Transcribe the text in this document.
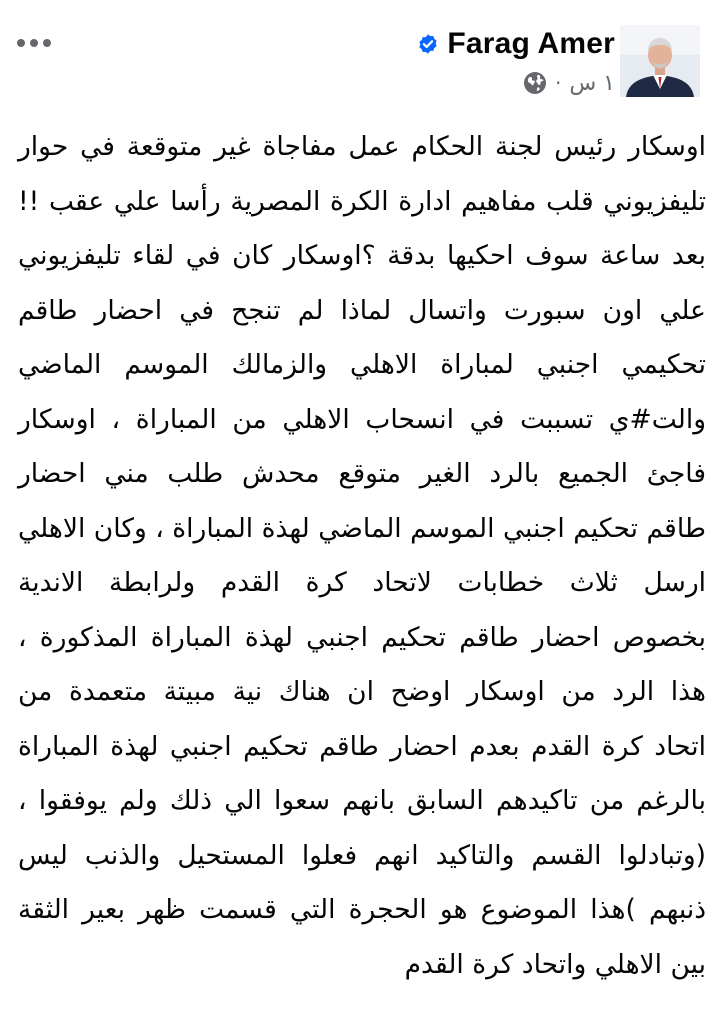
Farag Amer
· ١ س
اوسكار رئيس لجنة الحكام عمل مفاجاة غير متوقعة في حوار
تليفزيوني قلب مفاهيم ادارة الكرة المصرية رأسا علي عقب !!
بعد ساعة سوف احكيها بدقة ؟اوسكار كان في لقاء تليفزيوني
علي اون سبورت واتسال لماذا لم تنجح في احضار طاقم
تحكيمي اجنبي لمباراة الاهلي والزمالك الموسم الماضي
والت#ي تسببت في انسحاب الاهلي من المباراة ، اوسكار
فاجئ الجميع بالرد الغير متوقع محدش طلب مني احضار
طاقم تحكيم اجنبي الموسم الماضي لهذة المباراة ، وكان الاهلي
ارسل ثلاث خطابات لاتحاد كرة القدم ولرابطة الاندية
بخصوص احضار طاقم تحكيم اجنبي لهذة المباراة المذكورة ،
هذا الرد من اوسكار اوضح ان هناك نية مبيتة متعمدة من
اتحاد كرة القدم بعدم احضار طاقم تحكيم اجنبي لهذة المباراة
بالرغم من تاكيدهم السابق بانهم سعوا الي ذلك ولم يوفقوا ،
(وتبادلوا القسم والتاكيد انهم فعلوا المستحيل والذنب ليس
ذنبهم )هذا الموضوع هو الحجرة التي قسمت ظهر بعير الثقة
بين الاهلي واتحاد كرة القدم
